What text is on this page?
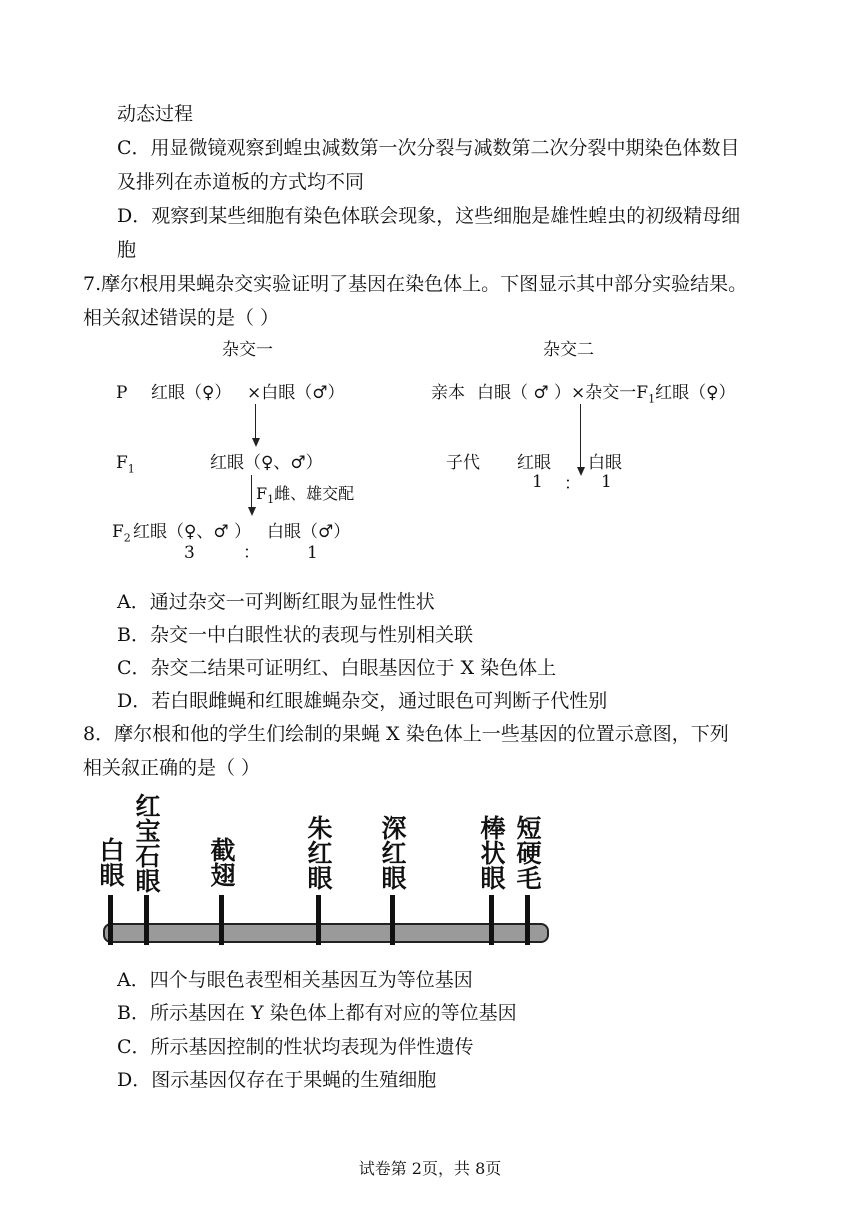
动态过程
C．用显微镜观察到蝗虫减数第一次分裂与减数第二次分裂中期染色体数目
及排列在赤道板的方式均不同
D．观察到某些细胞有染色体联会现象，这些细胞是雄性蝗虫的初级精母细
胞
7.摩尔根用果蝇杂交实验证明了基因在染色体上。下图显示其中部分实验结果。
相关叙述错误的是（ ）
杂交一
P 红眼（♀） ×白眼（♂）
$F_1$	红眼（♀、♂）
$F_1$雌、雄交配
$F_2$ 红眼（♀、♂ ） 白眼（♂）
3	：	1
杂交二
亲本 白眼（ ♂ ）×杂交一$F_1$红眼（♀）
子代 红眼 白眼
1 ： 1
A．通过杂交一可判断红眼为显性性状
B．杂交一中白眼性状的表现与性别相关联
C．杂交二结果可证明红、白眼基因位于 X 染色体上
D．若白眼雌蝇和红眼雄蝇杂交，通过眼色可判断子代性别
8．摩尔根和他的学生们绘制的果蝇 X 染色体上一些基因的位置示意图，下列
相关叙正确的是（ ）
白眼 红宝石眼 截翅	朱红眼 深红眼	棒状眼 短硬毛
A．四个与眼色表型相关基因互为等位基因
B．所示基因在 Y 染色体上都有对应的等位基因
C．所示基因控制的性状均表现为伴性遗传
D．图示基因仅存在于果蝇的生殖细胞
试卷第 2页，共 8页
